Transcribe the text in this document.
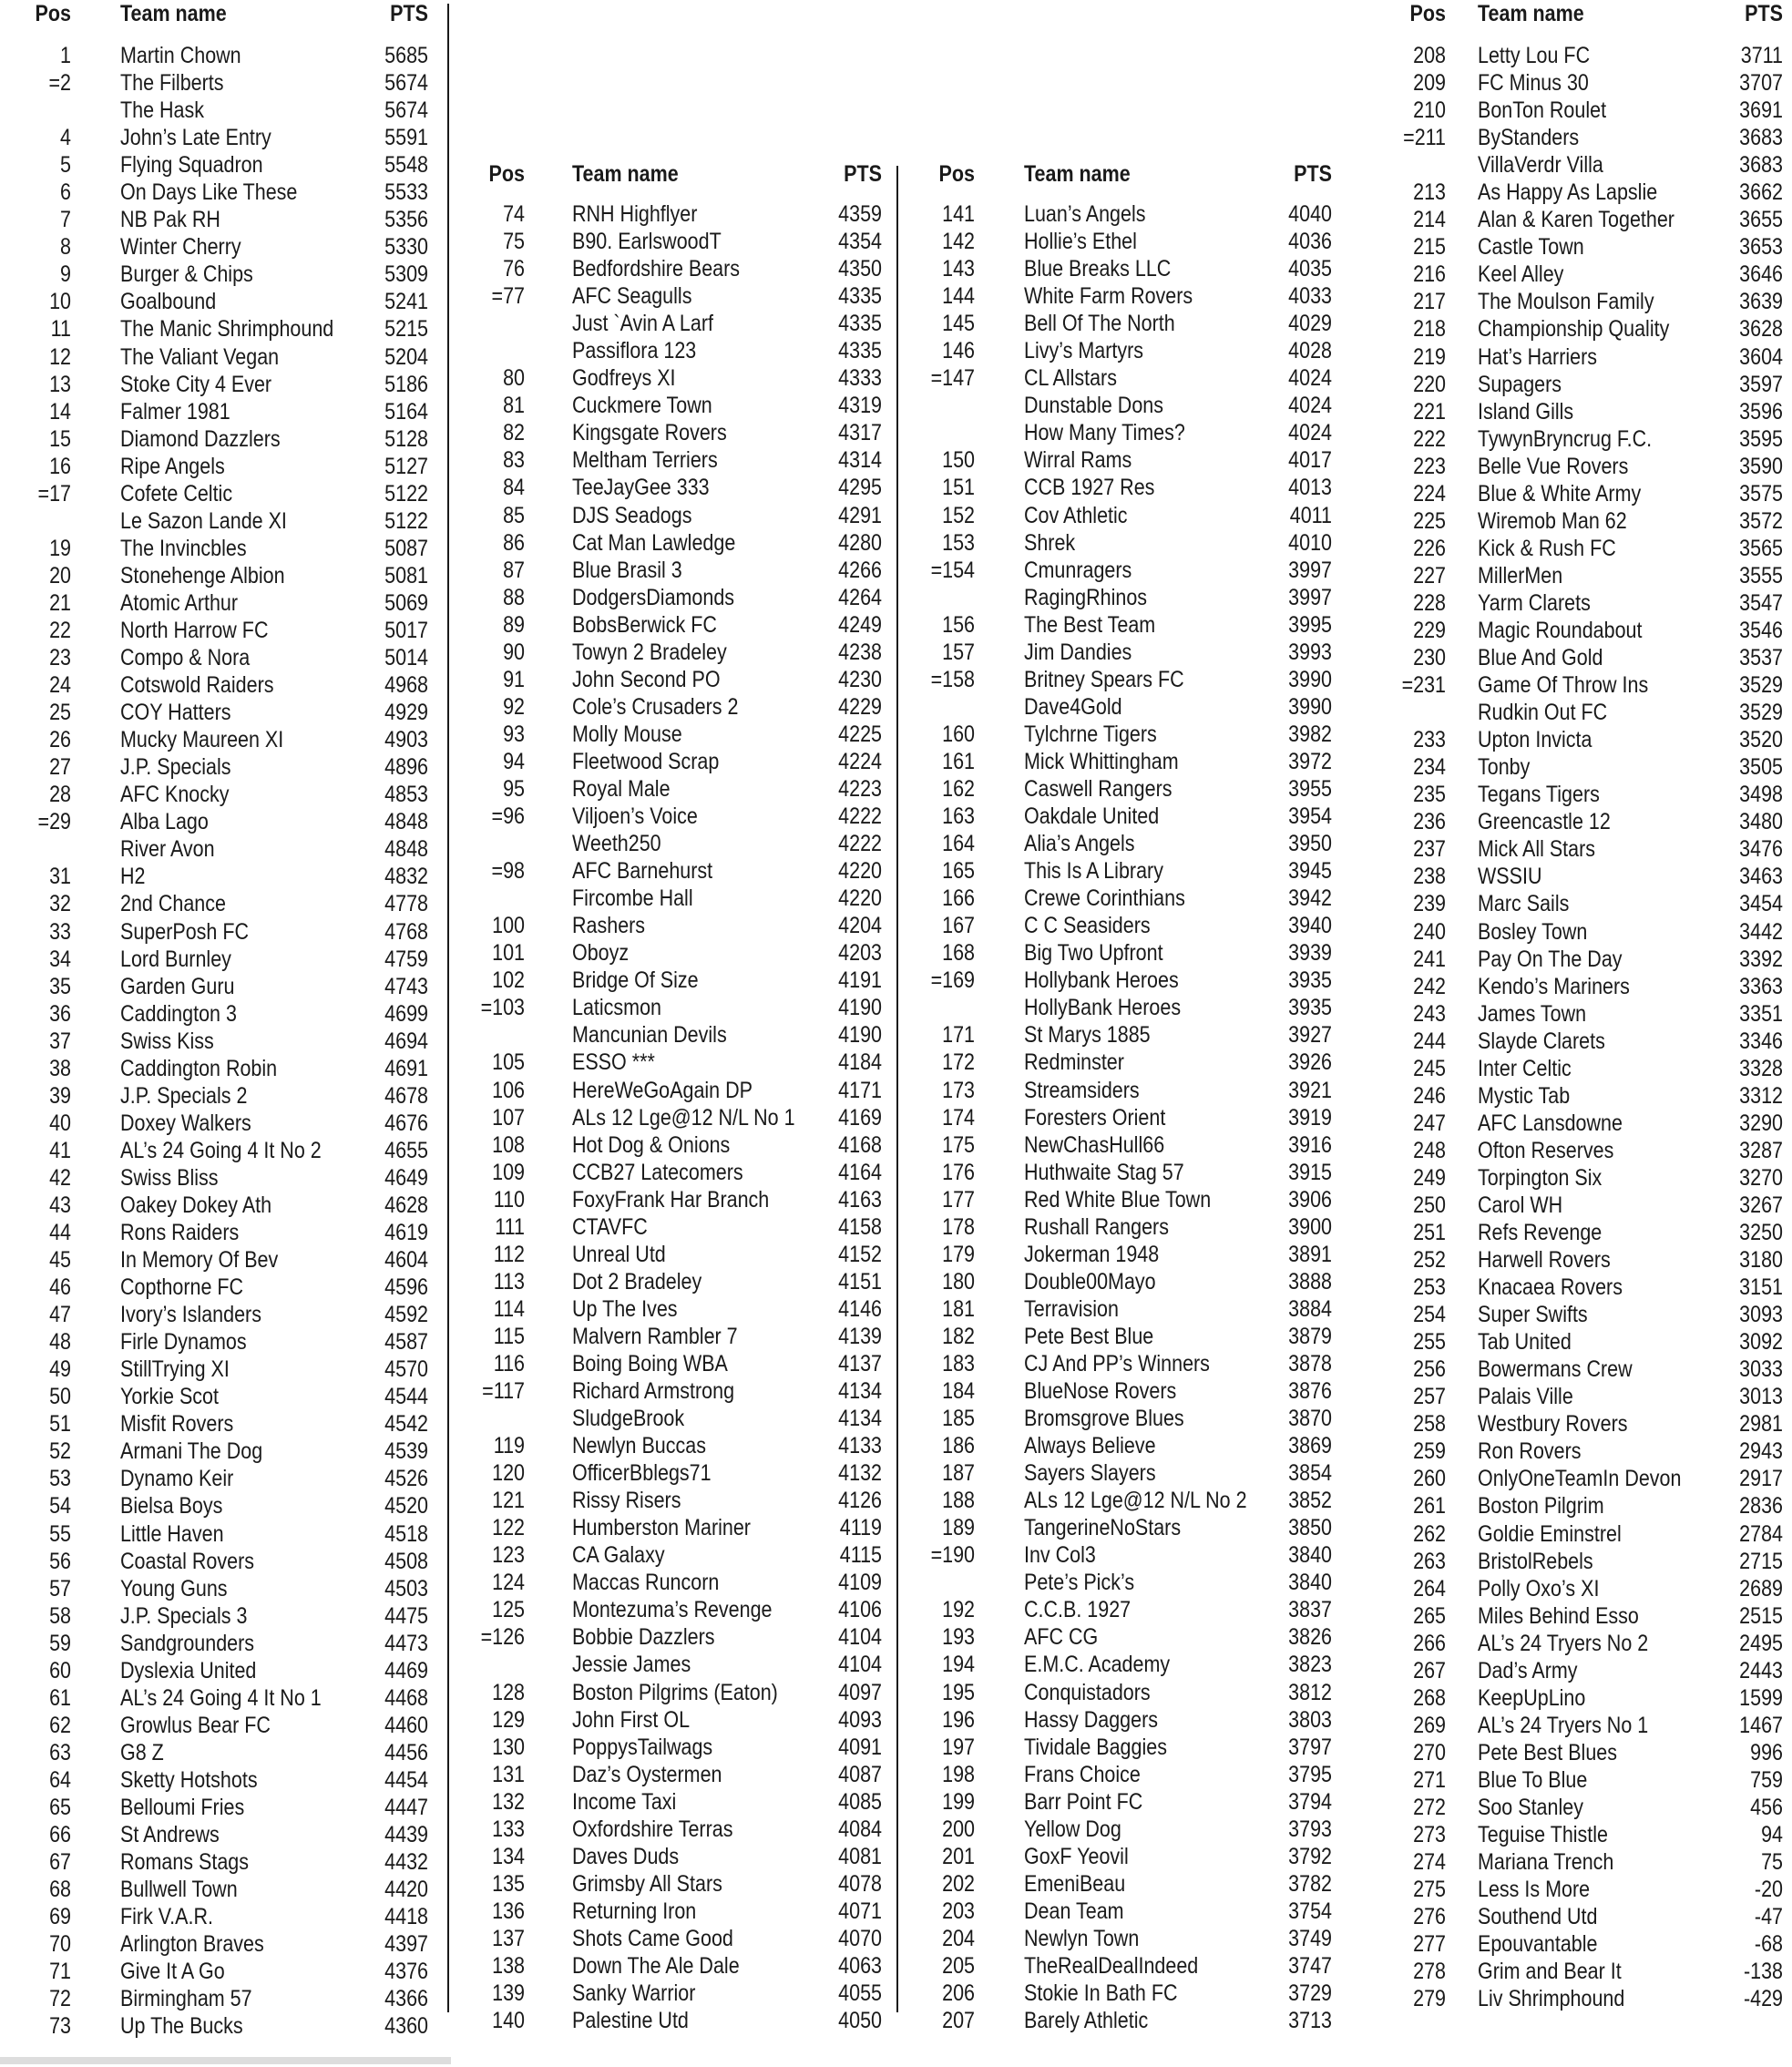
Pos Team name	PTS
1 Martin Chown	5685
=2 The Filberts	5674
The Hask	5674
4 John’s Late Entry	5591
5 Flying Squadron	5548
6 On Days Like These	5533
7 NB Pak RH	5356
8 Winter Cherry	5330
9 Burger & Chips	5309
10 Goalbound	5241
11 The Manic Shrimphound	5215
12 The Valiant Vegan	5204
13 Stoke City 4 Ever	5186
14 Falmer 1981	5164
15 Diamond Dazzlers	5128
16 Ripe Angels	5127
=17 Cofete Celtic	5122
Le Sazon Lande XI	5122
19 The Invincbles	5087
20 Stonehenge Albion	5081
21 Atomic Arthur	5069
22 North Harrow FC	5017
23 Compo & Nora	5014
24 Cotswold Raiders	4968
25 COY Hatters	4929
26 Mucky Maureen XI	4903
27 J.P. Specials	4896
28 AFC Knocky	4853
=29 Alba Lago	4848
River Avon	4848
31 H2	4832
32 2nd Chance	4778
33 SuperPosh FC	4768
34 Lord Burnley	4759
35 Garden Guru	4743
36 Caddington 3	4699
37 Swiss Kiss	4694
38 Caddington Robin	4691
39 J.P. Specials 2	4678
40 Doxey Walkers	4676
41 AL’s 24 Going 4 It No 2	4655
42 Swiss Bliss	4649
43 Oakey Dokey Ath	4628
44 Rons Raiders	4619
45 In Memory Of Bev	4604
46 Copthorne FC	4596
47 Ivory’s Islanders	4592
48 Firle Dynamos	4587
49 StillTrying XI	4570
50 Yorkie Scot	4544
51 Misfit Rovers	4542
52 Armani The Dog	4539
53 Dynamo Keir	4526
54 Bielsa Boys	4520
55 Little Haven	4518
56 Coastal Rovers	4508
57 Young Guns	4503
58 J.P. Specials 3	4475
59 Sandgrounders	4473
60 Dyslexia United	4469
61 AL’s 24 Going 4 It No 1	4468
62 Growlus Bear FC	4460
63 G8 Z	4456
64 Sketty Hotshots	4454
65 Belloumi Fries	4447
66 St Andrews	4439
67 Romans Stags	4432
68 Bullwell Town	4420
69 Firk V.A.R.	4418
70 Arlington Braves	4397
71 Give It A Go	4376
72 Birmingham 57	4366
73 Up The Bucks	4360
Pos Team name	PTS
74 RNH Highflyer	4359
75 B90. EarlswoodT	4354
76 Bedfordshire Bears	4350
=77 AFC Seagulls	4335
Just `Avin A Larf	4335
Passiflora 123	4335
80 Godfreys XI	4333
81 Cuckmere Town	4319
82 Kingsgate Rovers	4317
83 Meltham Terriers	4314
84 TeeJayGee 333	4295
85 DJS Seadogs	4291
86 Cat Man Lawledge	4280
87 Blue Brasil 3	4266
88 DodgersDiamonds	4264
89 BobsBerwick FC	4249
90 Towyn 2 Bradeley	4238
91 John Second PO	4230
92 Cole’s Crusaders 2	4229
93 Molly Mouse	4225
94 Fleetwood Scrap	4224
95 Royal Male	4223
=96 Viljoen’s Voice	4222
Weeth250	4222
=98 AFC Barnehurst	4220
Fircombe Hall	4220
100 Rashers	4204
101 Oboyz	4203
102 Bridge Of Size	4191
=103 Laticsmon	4190
Mancunian Devils	4190
105 ESSO ***	4184
106 HereWeGoAgain DP	4171
107 ALs 12 Lge@12 N/L No 1	4169
108 Hot Dog & Onions	4168
109 CCB27 Latecomers	4164
110 FoxyFrank Har Branch	4163
111 CTAVFC	4158
112 Unreal Utd	4152
113 Dot 2 Bradeley	4151
114 Up The Ives	4146
115 Malvern Rambler 7	4139
116 Boing Boing WBA	4137
=117 Richard Armstrong	4134
SludgeBrook	4134
119 Newlyn Buccas	4133
120 OfficerBblegs71	4132
121 Rissy Risers	4126
122 Humberston Mariner	4119
123 CA Galaxy	4115
124 Maccas Runcorn	4109
125 Montezuma’s Revenge	4106
=126 Bobbie Dazzlers	4104
Jessie James	4104
128 Boston Pilgrims (Eaton)	4097
129 John First OL	4093
130 PoppysTailwags	4091
131 Daz’s Oystermen	4087
132 Income Taxi	4085
133 Oxfordshire Terras	4084
134 Daves Duds	4081
135 Grimsby All Stars	4078
136 Returning Iron	4071
137 Shots Came Good	4070
138 Down The Ale Dale	4063
139 Sanky Warrior	4055
140 Palestine Utd	4050
Pos Team name	PTS
141 Luan’s Angels	4040
142 Hollie’s Ethel	4036
143 Blue Breaks LLC	4035
144 White Farm Rovers	4033
145 Bell Of The North	4029
146 Livy’s Martyrs	4028
=147 CL Allstars	4024
Dunstable Dons	4024
How Many Times?	4024
150 Wirral Rams	4017
151 CCB 1927 Res	4013
152 Cov Athletic	4011
153 Shrek	4010
=154 Cmunragers	3997
RagingRhinos	3997
156 The Best Team	3995
157 Jim Dandies	3993
=158 Britney Spears FC	3990
Dave4Gold	3990
160 Tylchrne Tigers	3982
161 Mick Whittingham	3972
162 Caswell Rangers	3955
163 Oakdale United	3954
164 Alia’s Angels	3950
165 This Is A Library	3945
166 Crewe Corinthians	3942
167 C C Seasiders	3940
168 Big Two Upfront	3939
=169 Hollybank Heroes	3935
HollyBank Heroes	3935
171 St Marys 1885	3927
172 Redminster	3926
173 Streamsiders	3921
174 Foresters Orient	3919
175 NewChasHull66	3916
176 Huthwaite Stag 57	3915
177 Red White Blue Town	3906
178 Rushall Rangers	3900
179 Jokerman 1948	3891
180 Double00Mayo	3888
181 Terravision	3884
182 Pete Best Blue	3879
183 CJ And PP’s Winners	3878
184 BlueNose Rovers	3876
185 Bromsgrove Blues	3870
186 Always Believe	3869
187 Sayers Slayers	3854
188 ALs 12 Lge@12 N/L No 2	3852
189 TangerineNoStars	3850
=190 Inv Col3	3840
Pete’s Pick’s	3840
192 C.C.B. 1927	3837
193 AFC CG	3826
194 E.M.C. Academy	3823
195 Conquistadors	3812
196 Hassy Daggers	3803
197 Tividale Baggies	3797
198 Frans Choice	3795
199 Barr Point FC	3794
200 Yellow Dog	3793
201 GoxF Yeovil	3792
202 EmeniBeau	3782
203 Dean Team	3754
204 Newlyn Town	3749
205 TheRealDealIndeed	3747
206 Stokie In Bath FC	3729
207 Barely Athletic	3713
Pos Team name	PTS
208 Letty Lou FC	3711
209 FC Minus 30	3707
210 BonTon Roulet	3691
=211 ByStanders	3683
VillaVerdr Villa	3683
213 As Happy As Lapslie	3662
214 Alan & Karen Together	3655
215 Castle Town	3653
216 Keel Alley	3646
217 The Moulson Family	3639
218 Championship Quality	3628
219 Hat’s Harriers	3604
220 Supagers	3597
221 Island Gills	3596
222 TywynBryncrug F.C.	3595
223 Belle Vue Rovers	3590
224 Blue & White Army	3575
225 Wiremob Man 62	3572
226 Kick & Rush FC	3565
227 MillerMen	3555
228 Yarm Clarets	3547
229 Magic Roundabout	3546
230 Blue And Gold	3537
=231 Game Of Throw Ins	3529
Rudkin Out FC	3529
233 Upton Invicta	3520
234 Tonby	3505
235 Tegans Tigers	3498
236 Greencastle 12	3480
237 Mick All Stars	3476
238 WSSIU	3463
239 Marc Sails	3454
240 Bosley Town	3442
241 Pay On The Day	3392
242 Kendo’s Mariners	3363
243 James Town	3351
244 Slayde Clarets	3346
245 Inter Celtic	3328
246 Mystic Tab	3312
247 AFC Lansdowne	3290
248 Ofton Reserves	3287
249 Torpington Six	3270
250 Carol WH	3267
251 Refs Revenge	3250
252 Harwell Rovers	3180
253 Knacaea Rovers	3151
254 Super Swifts	3093
255 Tab United	3092
256 Bowermans Crew	3033
257 Palais Ville	3013
258 Westbury Rovers	2981
259 Ron Rovers	2943
260 OnlyOneTeamIn Devon	2917
261 Boston Pilgrim	2836
262 Goldie Eminstrel	2784
263 BristolRebels	2715
264 Polly Oxo’s XI	2689
265 Miles Behind Esso	2515
266 AL’s 24 Tryers No 2	2495
267 Dad’s Army	2443
268 KeepUpLino	1599
269 AL’s 24 Tryers No 1	1467
270 Pete Best Blues	996
271 Blue To Blue	759
272 Soo Stanley	456
273 Teguise Thistle	94
274 Mariana Trench	75
275 Less Is More	-20
276 Southend Utd	-47
277 Epouvantable	-68
278 Grim and Bear It	-138
279 Liv Shrimphound	-429
